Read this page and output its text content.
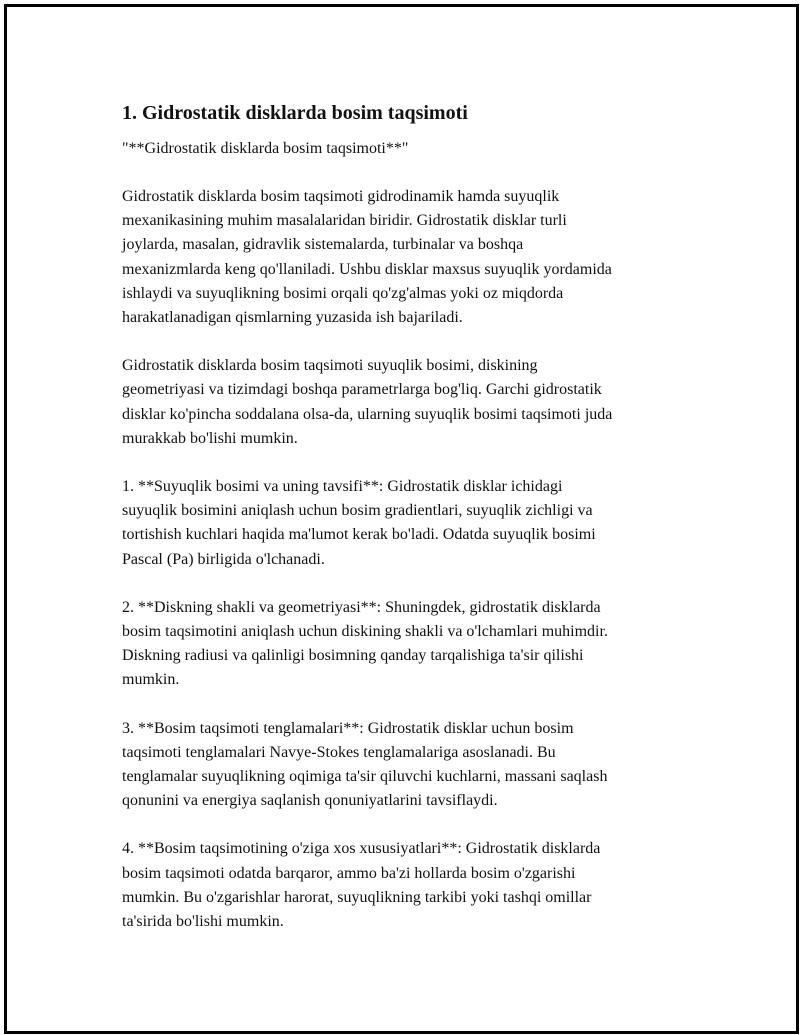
1. Gidrostatik disklarda bosim taqsimoti

"**Gidrostatik disklarda bosim taqsimoti**"

Gidrostatik disklarda bosim taqsimoti gidrodinamik hamda suyuqlik
mexanikasining muhim masalalaridan biridir. Gidrostatik disklar turli
joylarda, masalan, gidravlik sistemalarda, turbinalar va boshqa
mexanizmlarda keng qo'llaniladi. Ushbu disklar maxsus suyuqlik yordamida
ishlaydi va suyuqlikning bosimi orqali qo'zg'almas yoki oz miqdorda
harakatlanadigan qismlarning yuzasida ish bajariladi.

Gidrostatik disklarda bosim taqsimoti suyuqlik bosimi, diskining
geometriyasi va tizimdagi boshqa parametrlarga bog'liq. Garchi gidrostatik
disklar ko'pincha soddalana olsa-da, ularning suyuqlik bosimi taqsimoti juda
murakkab bo'lishi mumkin.

1. **Suyuqlik bosimi va uning tavsifi**: Gidrostatik disklar ichidagi
suyuqlik bosimini aniqlash uchun bosim gradientlari, suyuqlik zichligi va
tortishish kuchlari haqida ma'lumot kerak bo'ladi. Odatda suyuqlik bosimi
Pascal (Pa) birligida o'lchanadi.

2. **Diskning shakli va geometriyasi**: Shuningdek, gidrostatik disklarda
bosim taqsimotini aniqlash uchun diskining shakli va o'lchamlari muhimdir.
Diskning radiusi va qalinligi bosimning qanday tarqalishiga ta'sir qilishi
mumkin.

3. **Bosim taqsimoti tenglamalari**: Gidrostatik disklar uchun bosim
taqsimoti tenglamalari Navye-Stokes tenglamalariga asoslanadi. Bu
tenglamalar suyuqlikning oqimiga ta'sir qiluvchi kuchlarni, massani saqlash
qonunini va energiya saqlanish qonuniyatlarini tavsiflaydi.

4. **Bosim taqsimotining o'ziga xos xususiyatlari**: Gidrostatik disklarda
bosim taqsimoti odatda barqaror, ammo ba'zi hollarda bosim o'zgarishi
mumkin. Bu o'zgarishlar harorat, suyuqlikning tarkibi yoki tashqi omillar
ta'sirida bo'lishi mumkin.
